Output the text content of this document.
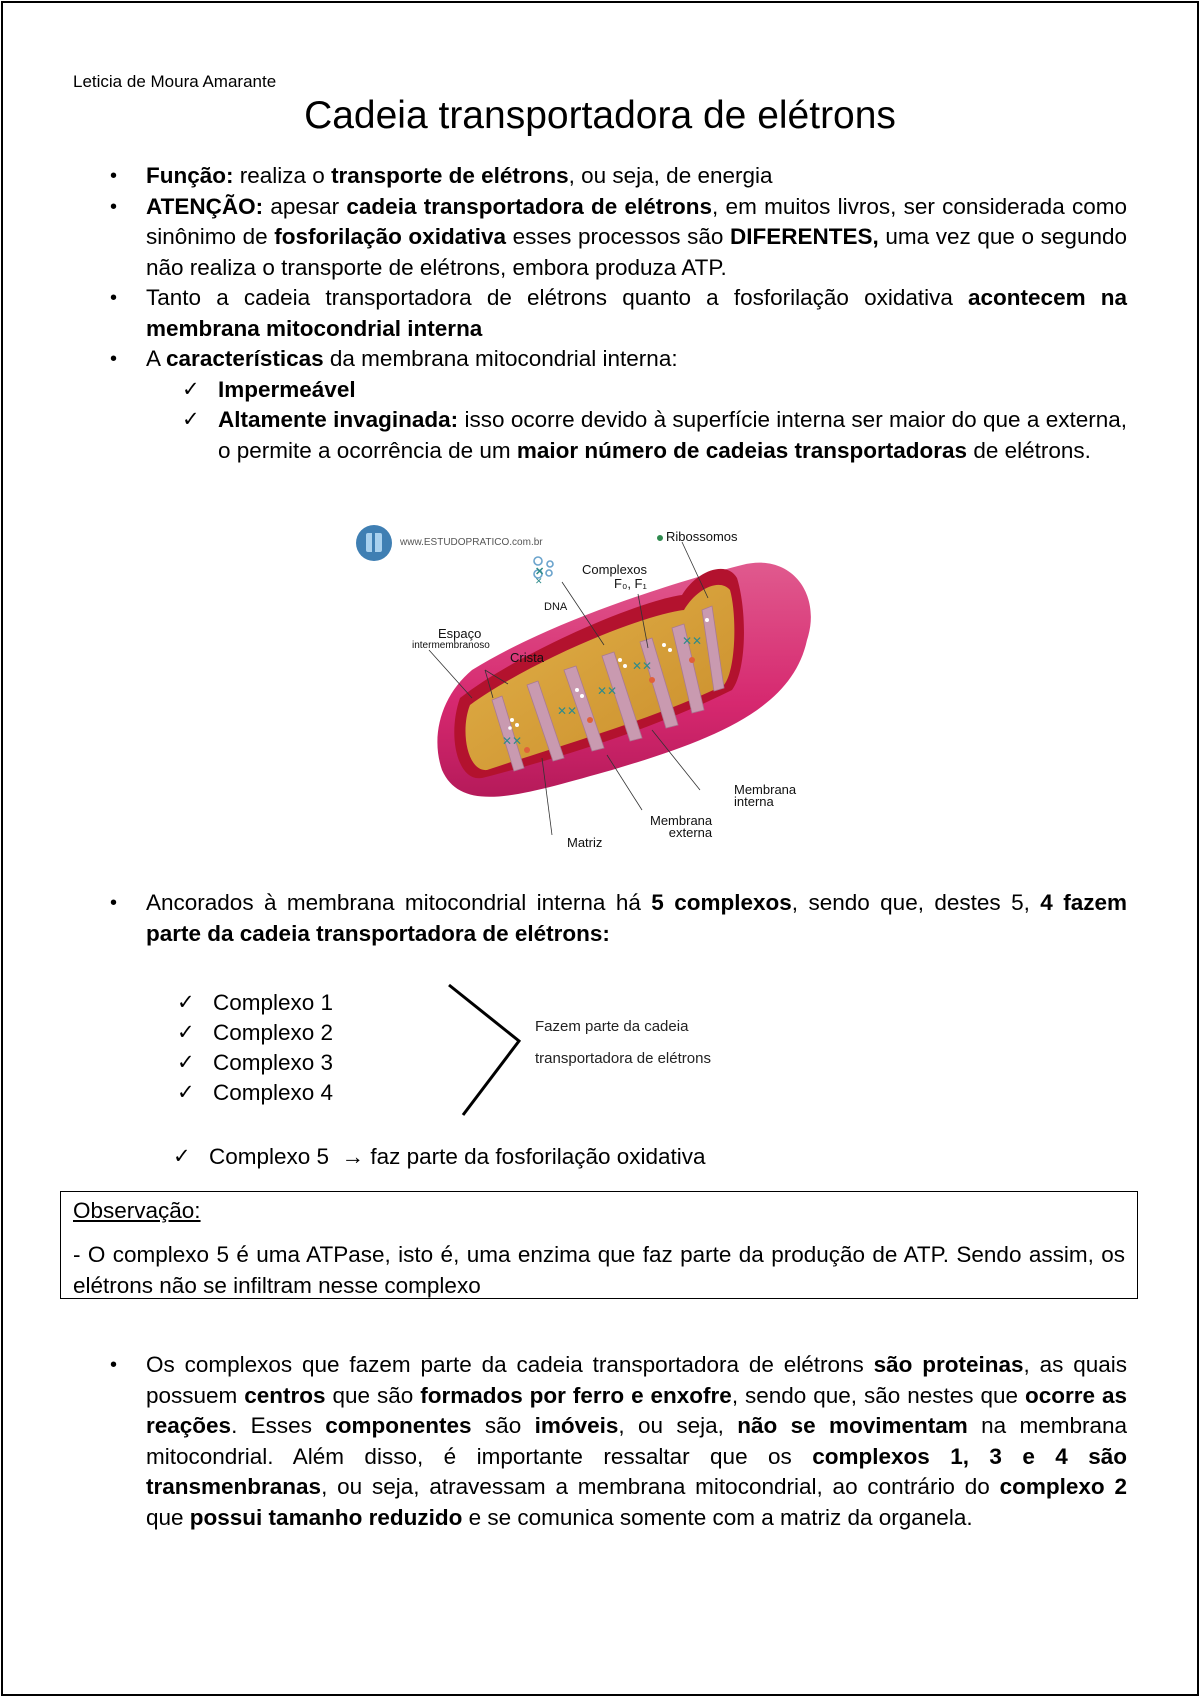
Leticia de Moura Amarante
Cadeia transportadora de elétrons
• Função: realiza o transporte de elétrons, ou seja, de energia
• ATENÇÃO: apesar cadeia transportadora de elétrons, em muitos livros, ser considerada como sinônimo de fosforilação oxidativa esses processos são DIFERENTES, uma vez que o segundo não realiza o transporte de elétrons, embora produza ATP.
• Tanto a cadeia transportadora de elétrons quanto a fosforilação oxidativa acontecem na membrana mitocondrial interna
• A características da membrana mitocondrial interna:
✓ Impermeável
✓ Altamente invaginada: isso ocorre devido à superfície interna ser maior do que a externa, o permite a ocorrência de um maior número de cadeias transportadoras de elétrons.
✕✕
✕✕
✕✕
✕✕
✕✕
✕
✕
www.ESTUDOPRATICO.com.br	Ribossomos
Complexos
F₀, F₁
DNA
Espaço
intermembranoso
Crista
Membrana
interna
Membrana
externa
Matriz
• Ancorados à membrana mitocondrial interna há 5 complexos, sendo que, destes 5, 4 fazem parte da cadeia transportadora de elétrons:
✓ Complexo 1
✓ Complexo 2
✓ Complexo 3
✓ Complexo 4
Fazem parte da cadeia
transportadora de elétrons
✓ Complexo 5 → faz parte da fosforilação oxidativa
Observação:
- O complexo 5 é uma ATPase, isto é, uma enzima que faz parte da produção de ATP. Sendo assim, os elétrons não se infiltram nesse complexo
• Os complexos que fazem parte da cadeia transportadora de elétrons são proteinas, as quais possuem centros que são formados por ferro e enxofre, sendo que, são nestes que ocorre as reações. Esses componentes são imóveis, ou seja, não se movimentam na membrana mitocondrial. Além disso, é importante ressaltar que os complexos 1, 3 e 4 são transmenbranas, ou seja, atravessam a membrana mitocondrial, ao contrário do complexo 2 que possui tamanho reduzido e se comunica somente com a matriz da organela.
